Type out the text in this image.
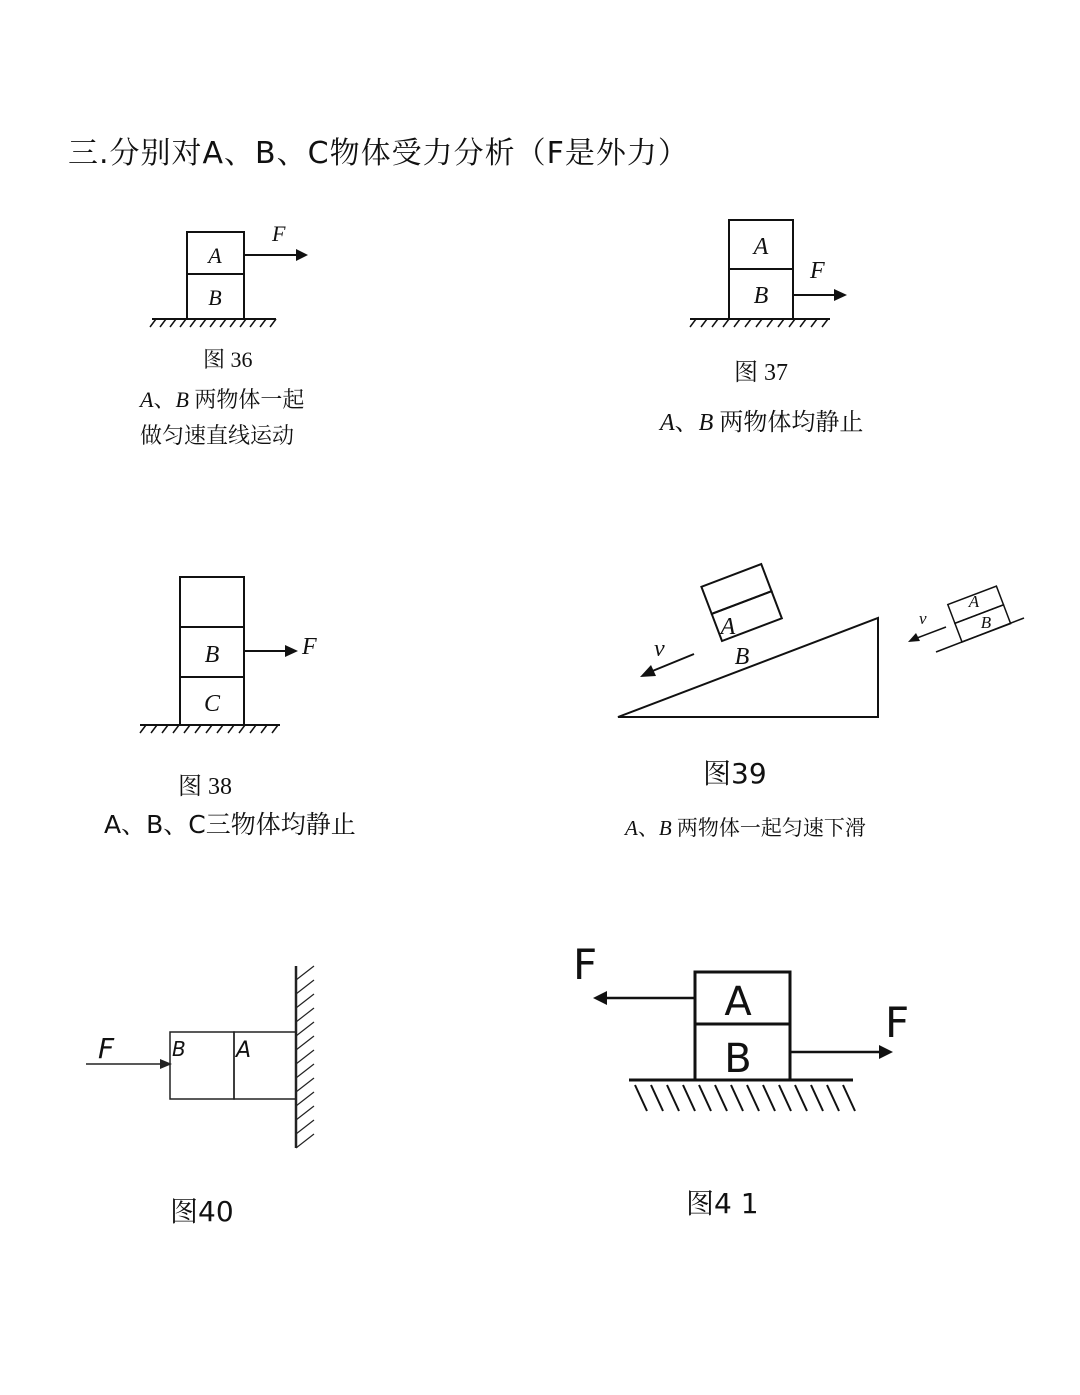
三.分别对A、B、C物体受力分析（F是外力）
A
B
F
图 36
A、B 两物体一起
做匀速直线运动
A
B
F
图 37
A、B 两物体均静止
B
C
F
图 38
A、B、C三物体均静止
A
B
v
A
B
v
图39
A、B 两物体一起匀速下滑
B A
F
图40
A
B
F
F
图4 1
